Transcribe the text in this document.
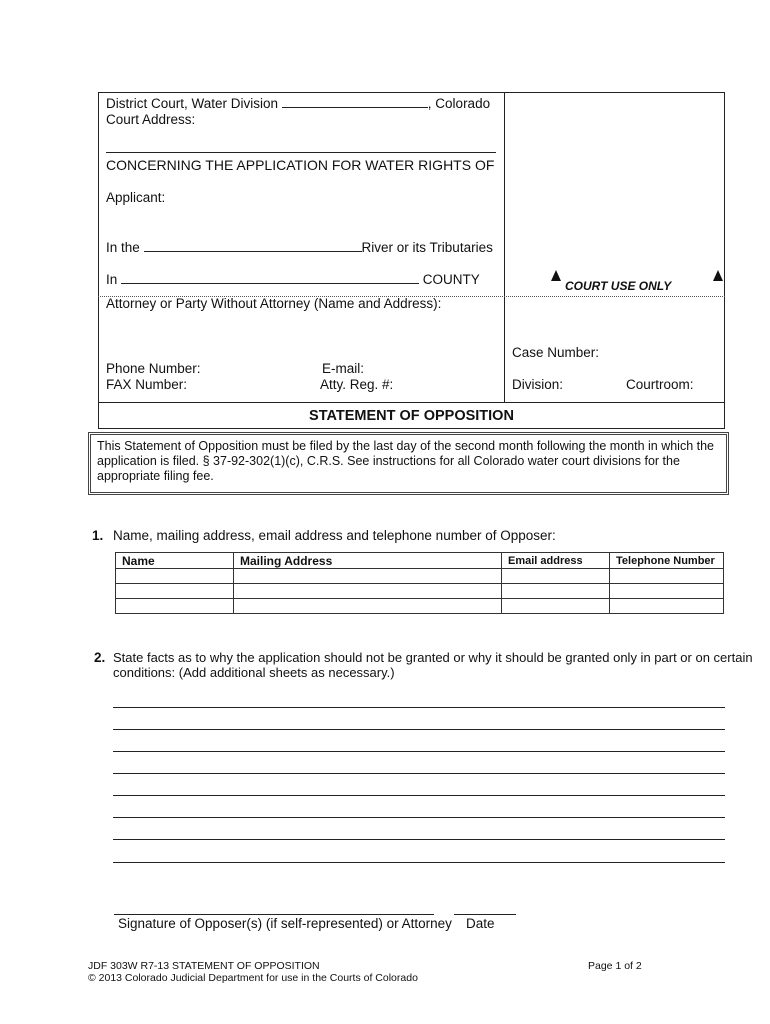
District Court, Water Division	, Colorado
Court Address:
CONCERNING THE APPLICATION FOR WATER RIGHTS OF
Applicant:
In the	River or its Tributaries
In	COUNTY	COURT USE ONLY
Attorney or Party Without Attorney (Name and Address):
Phone Number:	E-mail:
FAX Number:	Atty. Reg. #:
Case Number:
Division:	Courtroom:
STATEMENT OF OPPOSITION
This Statement of Opposition must be filed by the last day of the second month following the month in which the
application is filed. § 37-92-302(1)(c), C.R.S. See instructions for all Colorado water court divisions for the
appropriate filing fee.
1. Name, mailing address, email address and telephone number of Opposer:
Name	Mailing Address	Email address	Telephone Number

2. State facts as to why the application should not be granted or why it should be granted only in part or on certain
conditions: (Add additional sheets as necessary.)
Signature of Opposer(s) (if self-represented) or Attorney Date
JDF 303W R7-13 STATEMENT OF OPPOSITION
© 2013 Colorado Judicial Department for use in the Courts of Colorado
Page 1 of 2
